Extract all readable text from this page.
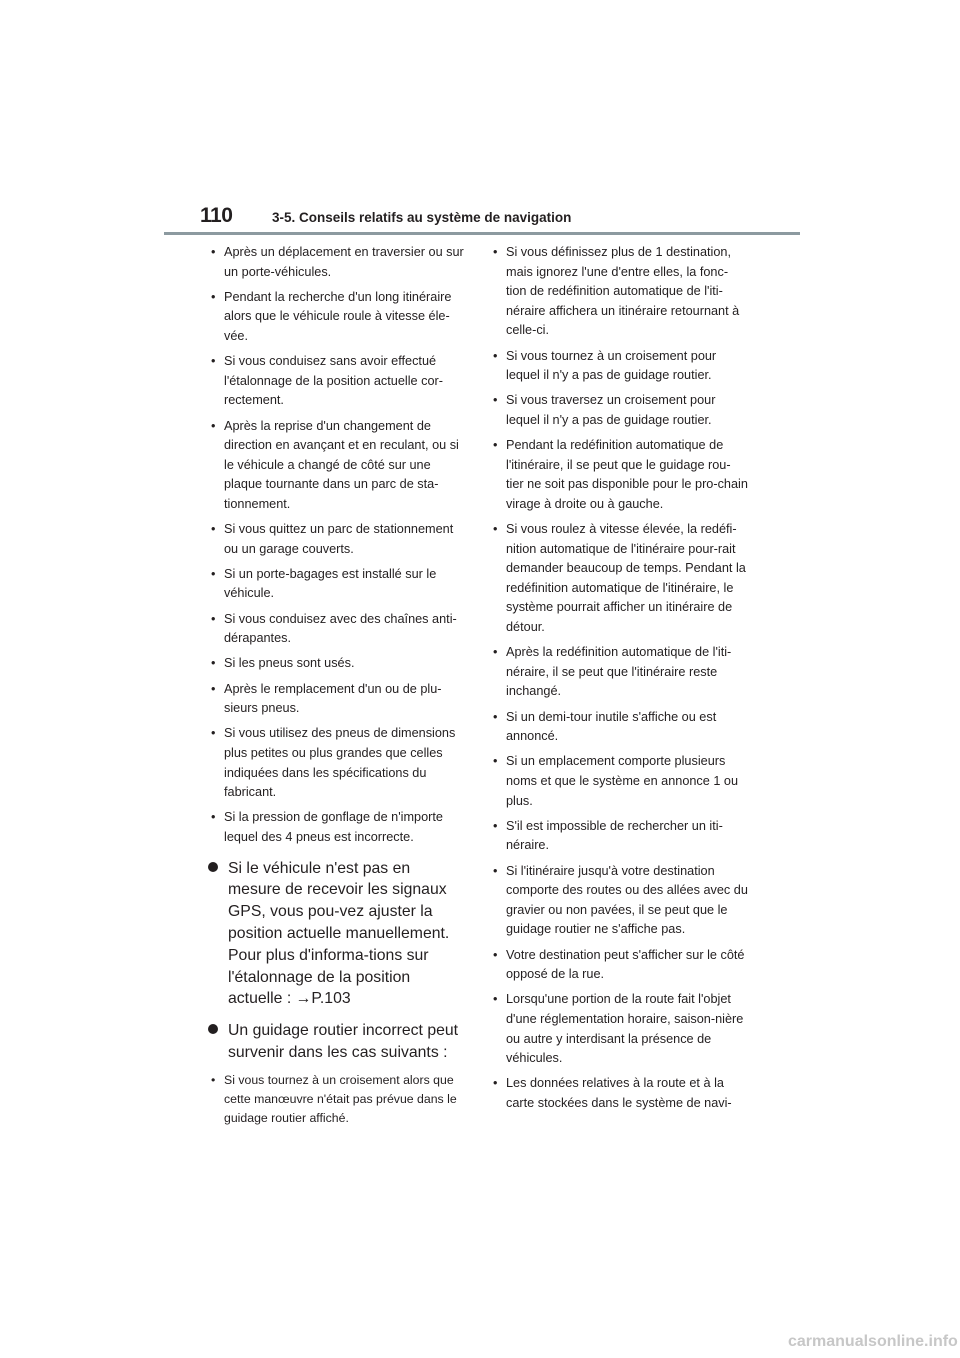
110	3-5. Conseils relatifs au système de navigation
• Après un déplacement en traversier ou sur un porte-véhicules.
• Pendant la recherche d'un long itinéraire alors que le véhicule roule à vitesse éle-vée.
• Si vous conduisez sans avoir effectué l'étalonnage de la position actuelle cor-rectement.
• Après la reprise d'un changement de direction en avançant et en reculant, ou si le véhicule a changé de côté sur une plaque tournante dans un parc de sta-tionnement.
• Si vous quittez un parc de stationnement ou un garage couverts.
• Si un porte-bagages est installé sur le véhicule.
• Si vous conduisez avec des chaînes anti-dérapantes.
• Si les pneus sont usés.
• Après le remplacement d'un ou de plu-sieurs pneus.
• Si vous utilisez des pneus de dimensions plus petites ou plus grandes que celles indiquées dans les spécifications du fabricant.
• Si la pression de gonflage de n'importe lequel des 4 pneus est incorrecte.
Si le véhicule n'est pas en mesure de recevoir les signaux GPS, vous pou-vez ajuster la position actuelle manuellement. Pour plus d'informa-tions sur l'étalonnage de la position actuelle : →P.103
Un guidage routier incorrect peut survenir dans les cas suivants :
• Si vous tournez à un croisement alors que cette manœuvre n'était pas prévue dans le guidage routier affiché.
• Si vous définissez plus de 1 destination, mais ignorez l'une d'entre elles, la fonc-tion de redéfinition automatique de l'iti-néraire affichera un itinéraire retournant à celle-ci.
• Si vous tournez à un croisement pour lequel il n'y a pas de guidage routier.
• Si vous traversez un croisement pour lequel il n'y a pas de guidage routier.
• Pendant la redéfinition automatique de l'itinéraire, il se peut que le guidage rou-tier ne soit pas disponible pour le pro-chain virage à droite ou à gauche.
• Si vous roulez à vitesse élevée, la redéfi-nition automatique de l'itinéraire pour-rait demander beaucoup de temps. Pendant la redéfinition automatique de l'itinéraire, le système pourrait afficher un itinéraire de détour.
• Après la redéfinition automatique de l'iti-néraire, il se peut que l'itinéraire reste inchangé.
• Si un demi-tour inutile s'affiche ou est annoncé.
• Si un emplacement comporte plusieurs noms et que le système en annonce 1 ou plus.
• S'il est impossible de rechercher un iti-néraire.
• Si l'itinéraire jusqu'à votre destination comporte des routes ou des allées avec du gravier ou non pavées, il se peut que le guidage routier ne s'affiche pas.
• Votre destination peut s'afficher sur le côté opposé de la rue.
• Lorsqu'une portion de la route fait l'objet d'une réglementation horaire, saison-nière ou autre y interdisant la présence de véhicules.
• Les données relatives à la route et à la carte stockées dans le système de navi-
carmanualsonline.info
